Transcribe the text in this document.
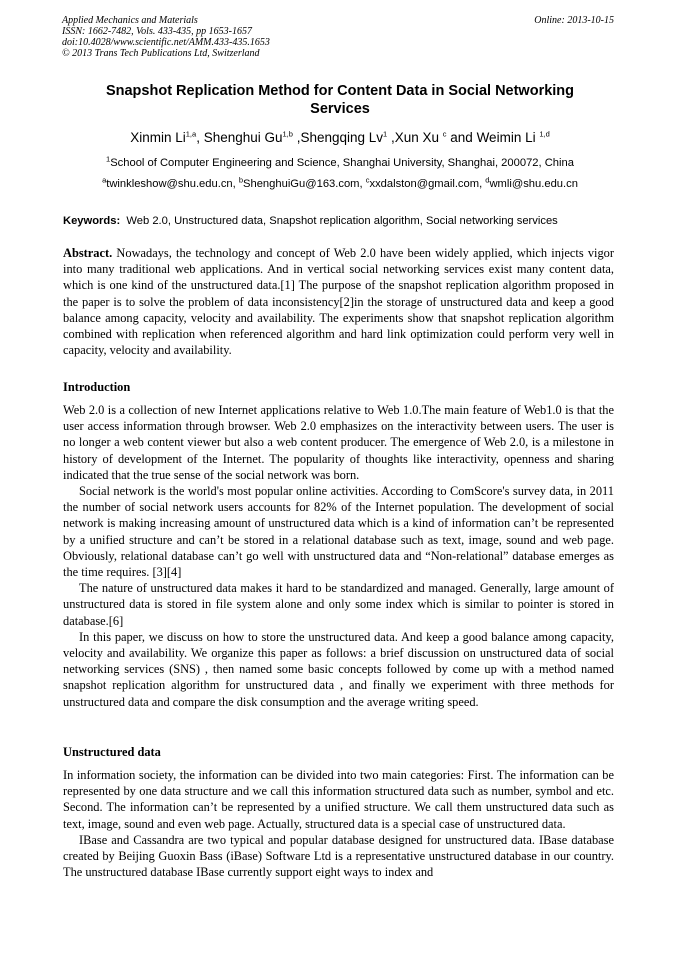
Applied Mechanics and Materials
ISSN: 1662-7482, Vols. 433-435, pp 1653-1657
doi:10.4028/www.scientific.net/AMM.433-435.1653
© 2013 Trans Tech Publications Ltd, Switzerland
Online: 2013-10-15
Snapshot Replication Method for Content Data in Social Networking
Services
Xinmin Li$^{1,a}$, Shenghui Gu$^{1,b}$ ,Shengqing Lv$^1$ ,Xun Xu $^c$ and Weimin Li $^{1,d}$
$^1$School of Computer Engineering and Science, Shanghai University, Shanghai, 200072, China
$^a$twinkleshow@shu.edu.cn, $^b$ShenghuiGu@163.com, $^c$xxdalston@gmail.com, $^d$wmli@shu.edu.cn
Keywords: Web 2.0, Unstructured data, Snapshot replication algorithm, Social networking services

Abstract. Nowadays, the technology and concept of Web 2.0 have been widely applied, which injects vigor into many traditional web applications. And in vertical social networking services exist many content data, which is one kind of the unstructured data.[1] The purpose of the snapshot replication algorithm proposed in the paper is to solve the problem of data inconsistency[2]in the storage of unstructured data and keep a good balance among capacity, velocity and availability. The experiments show that snapshot replication algorithm combined with replication when referenced algorithm and hard link optimization could perform very well in capacity, velocity and availability.

Introduction

Web 2.0 is a collection of new Internet applications relative to Web 1.0.The main feature of Web1.0 is that the user access information through browser. Web 2.0 emphasizes on the interactivity between users. The user is no longer a web content viewer but also a web content producer. The emergence of Web 2.0, is a milestone in history of development of the Internet. The popularity of thoughts like interactivity, openness and sharing indicated that the true sense of the social network was born.

Social network is the world's most popular online activities. According to ComScore's survey data, in 2011 the number of social network users accounts for 82% of the Internet population. The development of social network is making increasing amount of unstructured data which is a kind of information can’t be represented by a unified structure and can’t be stored in a relational database such as text, image, sound and web page. Obviously, relational database can’t go well with unstructured data and “Non-relational” database emerges as the time requires. [3][4]

The nature of unstructured data makes it hard to be standardized and managed. Generally, large amount of unstructured data is stored in file system alone and only some index which is similar to pointer is stored in database.[6]

In this paper, we discuss on how to store the unstructured data. And keep a good balance among capacity, velocity and availability. We organize this paper as follows: a brief discussion on unstructured data of social networking services (SNS) , then named some basic concepts followed by come up with a method named snapshot replication algorithm for unstructured data , and finally we experiment with three methods for unstructured data and compare the disk consumption and the average writing speed.

Unstructured data

In information society, the information can be divided into two main categories: First. The information can be represented by one data structure and we call this information structured data such as number, symbol and etc. Second. The information can’t be represented by a unified structure. We call them unstructured data such as text, image, sound and even web page. Actually, structured data is a special case of unstructured data.

IBase and Cassandra are two typical and popular database designed for unstructured data. IBase database created by Beijing Guoxin Bass (iBase) Software Ltd is a representative unstructured database in our country. The unstructured database IBase currently support eight ways to index and
